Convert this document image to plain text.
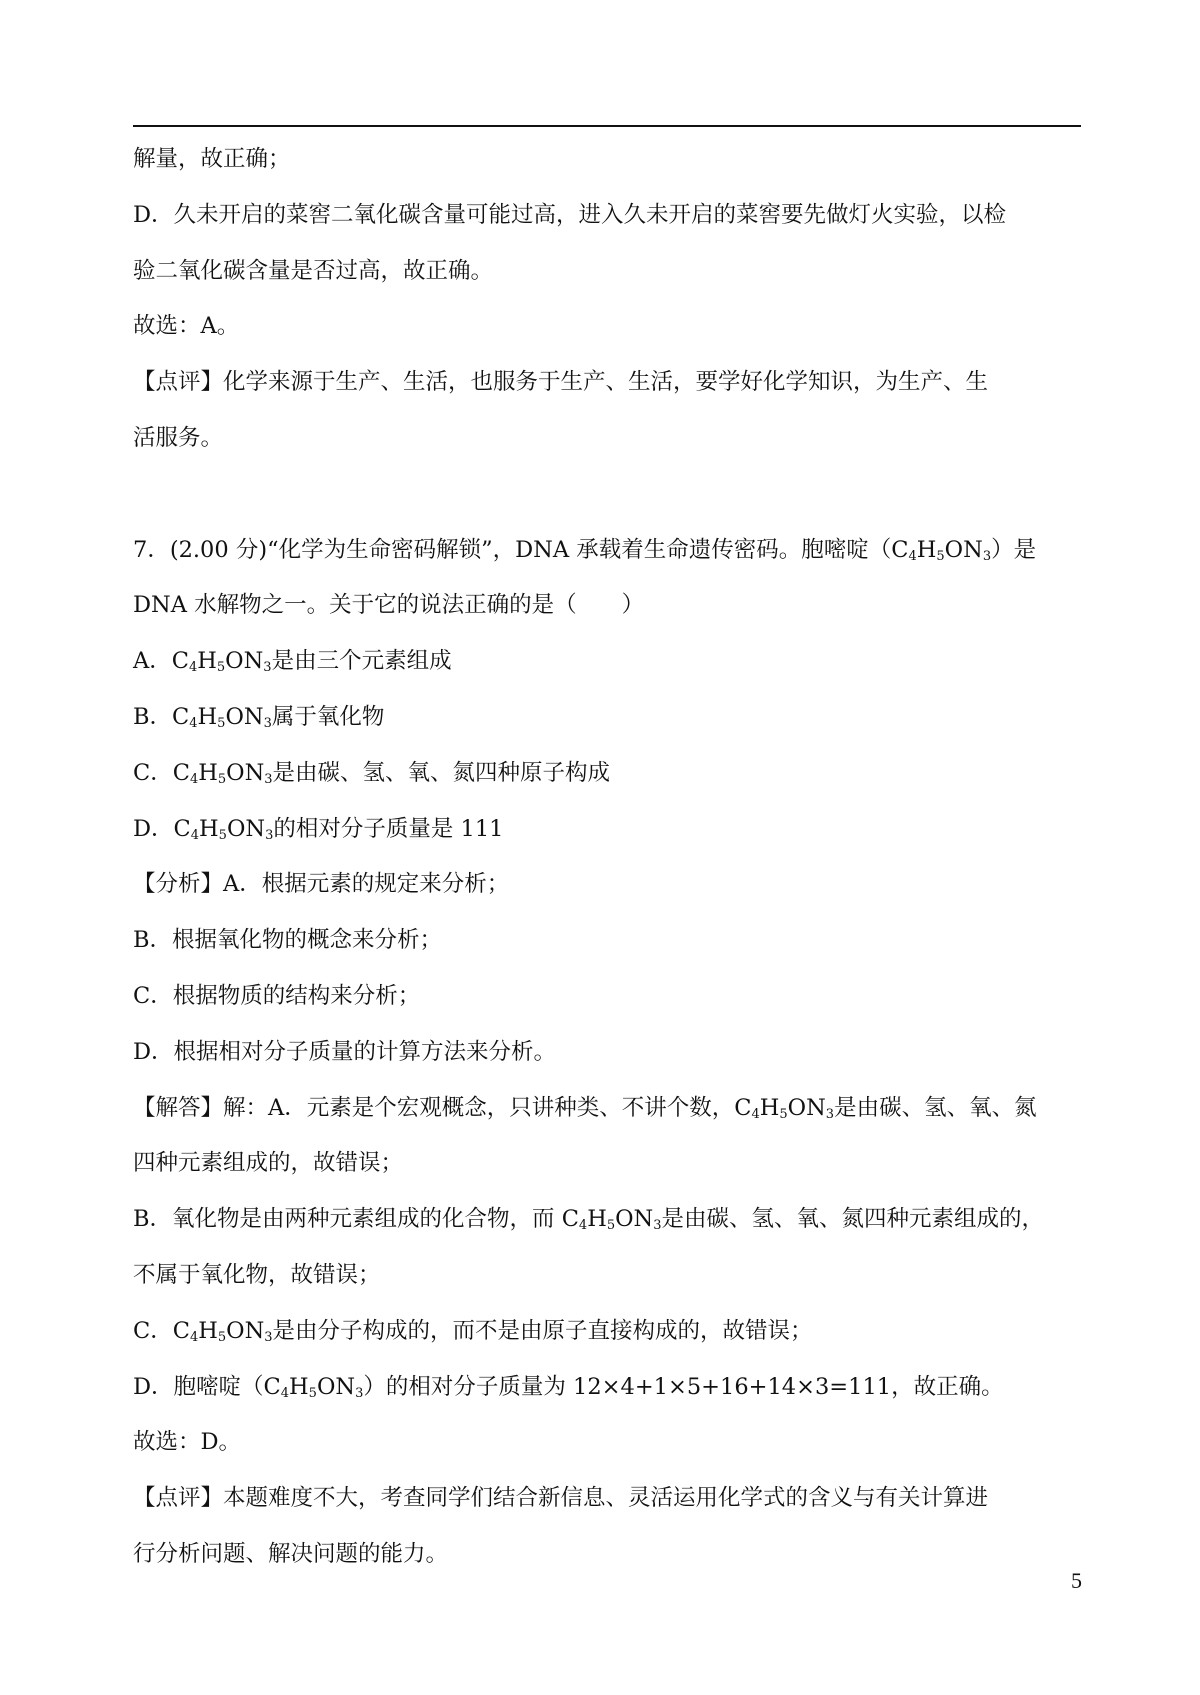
解量，故正确；
D．久未开启的菜窖二氧化碳含量可能过高，进入久未开启的菜窖要先做灯火实验，以检
验二氧化碳含量是否过高，故正确。
故选：A。
【点评】化学来源于生产、生活，也服务于生产、生活，要学好化学知识，为生产、生
活服务。
7．(2.00 分)“化学为生命密码解锁”，DNA 承载着生命遗传密码。胞嘧啶$(C_4H_5ON_3)$是
DNA 水解物之一。关于它的说法正确的是（　　）
A．$C_4H_5ON_3$是由三个元素组成
B．$C_4H_5ON_3$属于氧化物
C．$C_4H_5ON_3$是由碳、氢、氧、氮四种原子构成
D．$C_4H_5ON_3$的相对分子质量是 111
【分析】A．根据元素的规定来分析；
B．根据氧化物的概念来分析；
C．根据物质的结构来分析；
D．根据相对分子质量的计算方法来分析。
【解答】解：A．元素是个宏观概念，只讲种类、不讲个数，$C_4H_5ON_3$是由碳、氢、氧、氮
四种元素组成的，故错误；
B．氧化物是由两种元素组成的化合物，而 $C_4H_5ON_3$是由碳、氢、氧、氮四种元素组成的，
不属于氧化物，故错误；
C．$C_4H_5ON_3$是由分子构成的，而不是由原子直接构成的，故错误；
D．胞嘧啶$(C_4H_5ON_3)$的相对分子质量为 12×4+1×5+16+14×3=111，故正确。
故选：D。
【点评】本题难度不大，考查同学们结合新信息、灵活运用化学式的含义与有关计算进
行分析问题、解决问题的能力。
5
